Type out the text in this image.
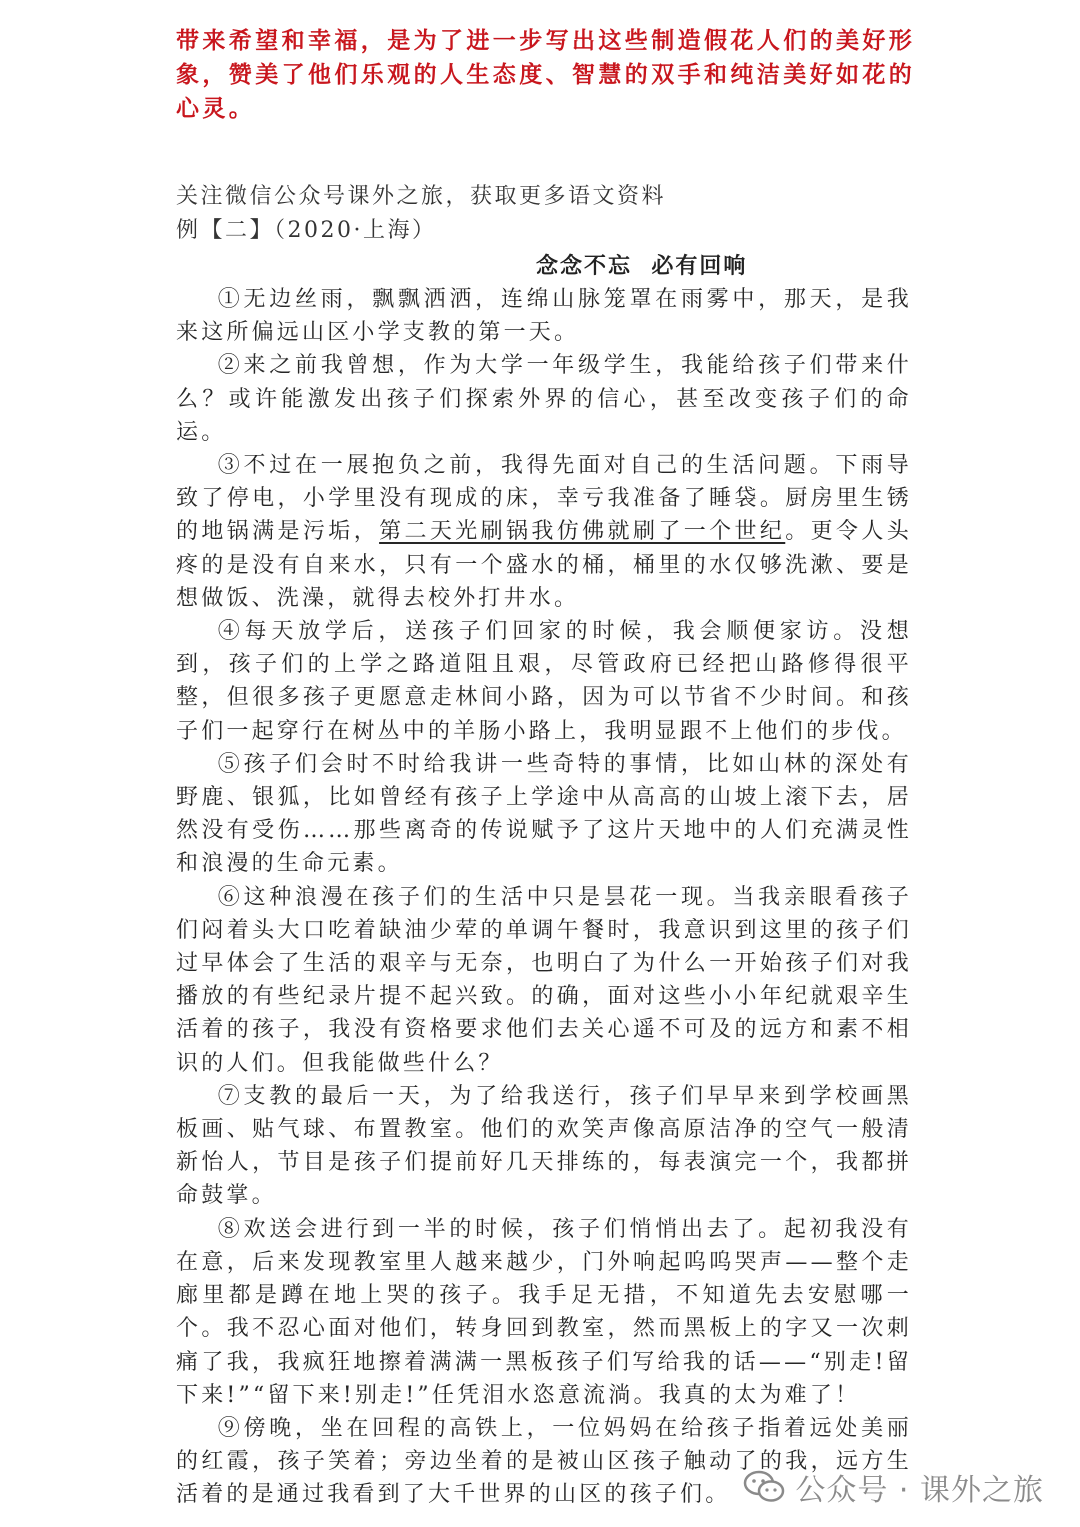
带来希望和幸福，是为了进一步写出这些制造假花人们的美好形象，赞美了他们乐观的人生态度、智慧的双手和纯洁美好如花的心灵。
关注微信公众号课外之旅，获取更多语文资料
例【二】（2020·上海）
念念不忘  必有回响

①无边丝雨，飘飘洒洒，连绵山脉笼罩在雨雾中，那天，是我来这所偏远山区小学支教的第一天。

②来之前我曾想，作为大学一年级学生，我能给孩子们带来什么？或许能激发出孩子们探索外界的信心，甚至改变孩子们的命运。

③不过在一展抱负之前，我得先面对自己的生活问题。下雨导致了停电，小学里没有现成的床，幸亏我准备了睡袋。厨房里生锈的地锅满是污垢，第二天光刷锅我仿佛就刷了一个世纪。更令人头疼的是没有自来水，只有一个盛水的桶，桶里的水仅够洗漱、要是想做饭、洗澡，就得去校外打井水。

④每天放学后，送孩子们回家的时候，我会顺便家访。没想到，孩子们的上学之路道阻且艰，尽管政府已经把山路修得很平整，但很多孩子更愿意走林间小路，因为可以节省不少时间。和孩子们一起穿行在树丛中的羊肠小路上，我明显跟不上他们的步伐。

⑤孩子们会时不时给我讲一些奇特的事情，比如山林的深处有野鹿、银狐，比如曾经有孩子上学途中从高高的山坡上滚下去，居然没有受伤……那些离奇的传说赋予了这片天地中的人们充满灵性和浪漫的生命元素。

⑥这种浪漫在孩子们的生活中只是昙花一现。当我亲眼看孩子们闷着头大口吃着缺油少荤的单调午餐时，我意识到这里的孩子们过早体会了生活的艰辛与无奈，也明白了为什么一开始孩子们对我播放的有些纪录片提不起兴致。的确，面对这些小小年纪就艰辛生活着的孩子，我没有资格要求他们去关心遥不可及的远方和素不相识的人们。但我能做些什么？

⑦支教的最后一天，为了给我送行，孩子们早早来到学校画黑板画、贴气球、布置教室。他们的欢笑声像高原洁净的空气一般清新怡人，节目是孩子们提前好几天排练的，每表演完一个，我都拼命鼓掌。

⑧欢送会进行到一半的时候，孩子们悄悄出去了。起初我没有在意，后来发现教室里人越来越少，门外响起呜呜哭声——整个走廊里都是蹲在地上哭的孩子。我手足无措，不知道先去安慰哪一个。我不忍心面对他们，转身回到教室，然而黑板上的字又一次刺痛了我，我疯狂地擦着满满一黑板孩子们写给我的话——“别走!留下来!”“留下来!别走!”任凭泪水恣意流淌。我真的太为难了！

⑨傍晚，坐在回程的高铁上，一位妈妈在给孩子指着远处美丽的红霞，孩子笑着；旁边坐着的是被山区孩子触动了的我，远方生活着的是通过我看到了大千世界的山区的孩子们。	公众号 · 课外之旅
